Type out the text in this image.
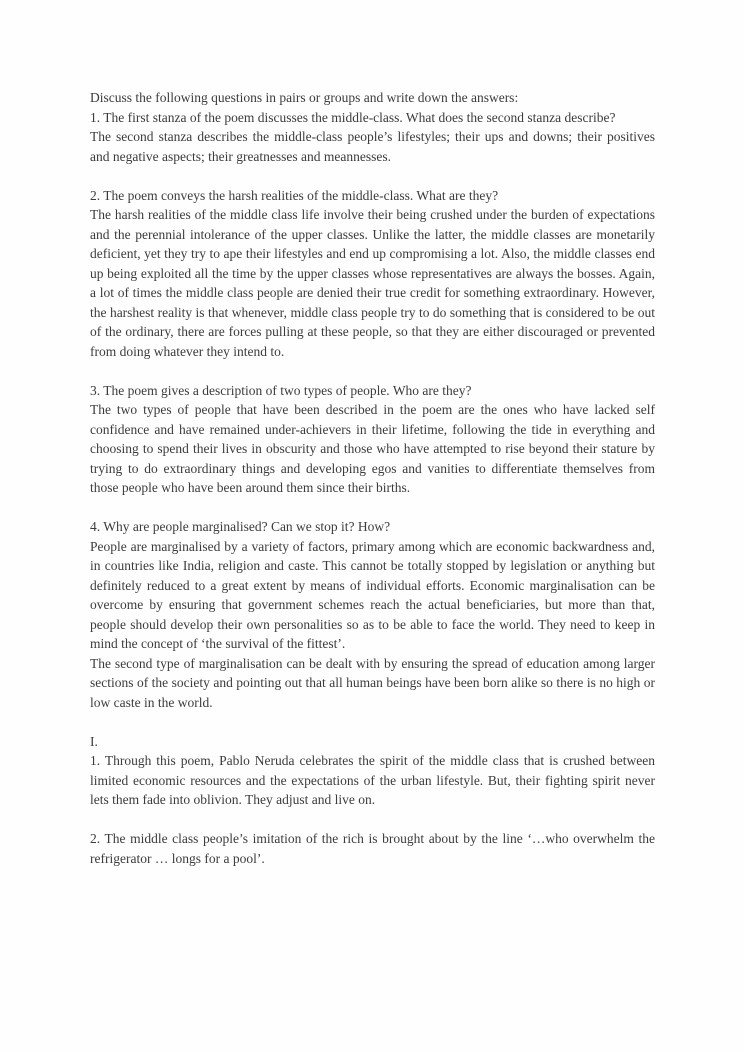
Discuss the following questions in pairs or groups and write down the answers:

1. The first stanza of the poem discusses the middle-class. What does the second stanza describe?

The second stanza describes the middle-class people’s lifestyles; their ups and downs; their positives and negative aspects; their greatnesses and meannesses.

2. The poem conveys the harsh realities of the middle-class. What are they?

The harsh realities of the middle class life involve their being crushed under the burden of expectations and the perennial intolerance of the upper classes. Unlike the latter, the middle classes are monetarily deficient, yet they try to ape their lifestyles and end up compromising a lot. Also, the middle classes end up being exploited all the time by the upper classes whose representatives are always the bosses. Again, a lot of times the middle class people are denied their true credit for something extraordinary. However, the harshest reality is that whenever, middle class people try to do something that is considered to be out of the ordinary, there are forces pulling at these people, so that they are either discouraged or prevented from doing whatever they intend to.

3. The poem gives a description of two types of people. Who are they?

The two types of people that have been described in the poem are the ones who have lacked self confidence and have remained under-achievers in their lifetime, following the tide in everything and choosing to spend their lives in obscurity and those who have attempted to rise beyond their stature by trying to do extraordinary things and developing egos and vanities to differentiate themselves from those people who have been around them since their births.

4. Why are people marginalised? Can we stop it? How?

People are marginalised by a variety of factors, primary among which are economic backwardness and, in countries like India, religion and caste. This cannot be totally stopped by legislation or anything but definitely reduced to a great extent by means of individual efforts. Economic marginalisation can be overcome by ensuring that government schemes reach the actual beneficiaries, but more than that, people should develop their own personalities so as to be able to face the world. They need to keep in mind the concept of ‘the survival of the fittest’.

The second type of marginalisation can be dealt with by ensuring the spread of education among larger sections of the society and pointing out that all human beings have been born alike so there is no high or low caste in the world.

I.

1. Through this poem, Pablo Neruda celebrates the spirit of the middle class that is crushed between limited economic resources and the expectations of the urban lifestyle. But, their fighting spirit never lets them fade into oblivion. They adjust and live on.

2. The middle class people’s imitation of the rich is brought about by the line ‘…who overwhelm the refrigerator … longs for a pool’.
